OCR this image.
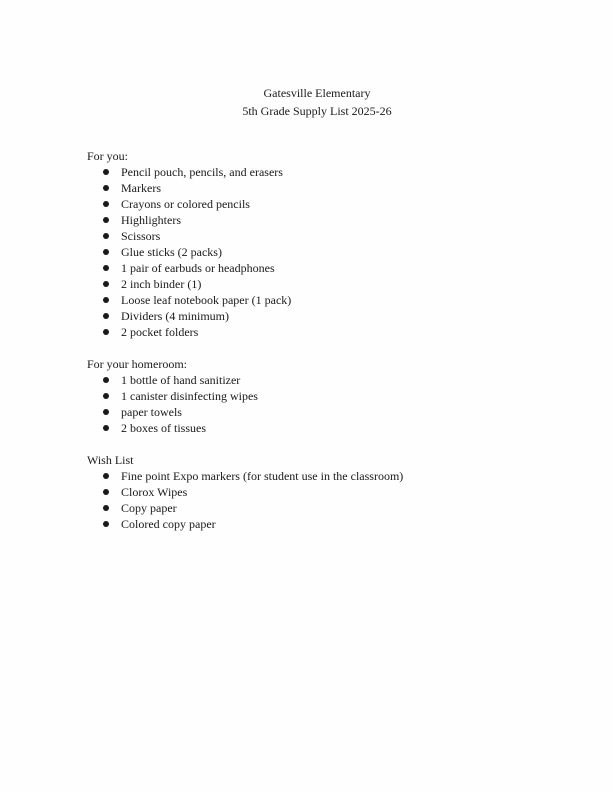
Gatesville Elementary
5th Grade Supply List 2025-26

For you:

Pencil pouch, pencils, and erasers
Markers
Crayons or colored pencils
Highlighters
Scissors
Glue sticks (2 packs)
1 pair of earbuds or headphones
2 inch binder (1)
Loose leaf notebook paper (1 pack)
Dividers (4 minimum)
2 pocket folders

For your homeroom:

1 bottle of hand sanitizer
1 canister disinfecting wipes
paper towels
2 boxes of tissues

Wish List

Fine point Expo markers (for student use in the classroom)
Clorox Wipes
Copy paper
Colored copy paper
